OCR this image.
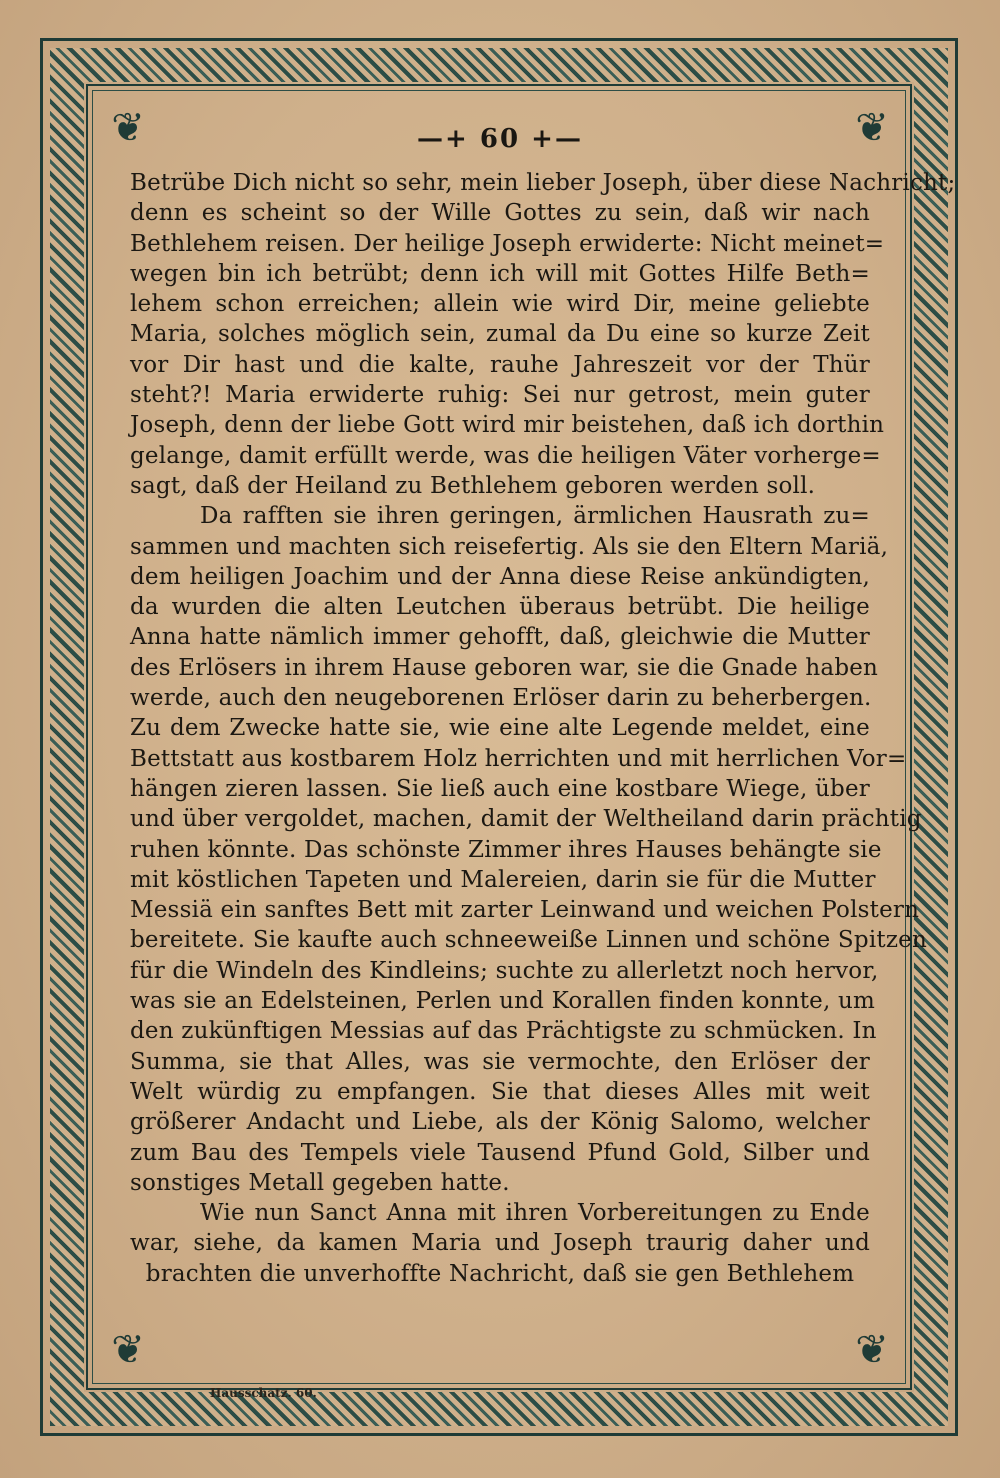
❦	❦
❦	❦
—+ 60 +—
Betrübe Dich nicht so sehr, mein lieber Joseph, über diese Nachricht;
denn es scheint so der Wille Gottes zu sein, daß wir nach
Bethlehem reisen. Der heilige Joseph erwiderte: Nicht meinet=
wegen bin ich betrübt; denn ich will mit Gottes Hilfe Beth=
lehem schon erreichen; allein wie wird Dir, meine geliebte
Maria, solches möglich sein, zumal da Du eine so kurze Zeit
vor Dir hast und die kalte, rauhe Jahreszeit vor der Thür
steht?! Maria erwiderte ruhig: Sei nur getrost, mein guter
Joseph, denn der liebe Gott wird mir beistehen, daß ich dorthin
gelange, damit erfüllt werde, was die heiligen Väter vorherge=
sagt, daß der Heiland zu Bethlehem geboren werden soll.
Da rafften sie ihren geringen, ärmlichen Hausrath zu=
sammen und machten sich reisefertig. Als sie den Eltern Mariä,
dem heiligen Joachim und der Anna diese Reise ankündigten,
da wurden die alten Leutchen überaus betrübt. Die heilige
Anna hatte nämlich immer gehofft, daß, gleichwie die Mutter
des Erlösers in ihrem Hause geboren war, sie die Gnade haben
werde, auch den neugeborenen Erlöser darin zu beherbergen.
Zu dem Zwecke hatte sie, wie eine alte Legende meldet, eine
Bettstatt aus kostbarem Holz herrichten und mit herrlichen Vor=
hängen zieren lassen. Sie ließ auch eine kostbare Wiege, über
und über vergoldet, machen, damit der Weltheiland darin prächtig
ruhen könnte. Das schönste Zimmer ihres Hauses behängte sie
mit köstlichen Tapeten und Malereien, darin sie für die Mutter
Messiä ein sanftes Bett mit zarter Leinwand und weichen Polstern
bereitete. Sie kaufte auch schneeweiße Linnen und schöne Spitzen
für die Windeln des Kindleins; suchte zu allerletzt noch hervor,
was sie an Edelsteinen, Perlen und Korallen finden konnte, um
den zukünftigen Messias auf das Prächtigste zu schmücken. In
Summa, sie that Alles, was sie vermochte, den Erlöser der
Welt würdig zu empfangen. Sie that dieses Alles mit weit
größerer Andacht und Liebe, als der König Salomo, welcher
zum Bau des Tempels viele Tausend Pfund Gold, Silber und
sonstiges Metall gegeben hatte.
Wie nun Sanct Anna mit ihren Vorbereitungen zu Ende
war, siehe, da kamen Maria und Joseph traurig daher und
brachten die unverhoffte Nachricht, daß sie gen Bethlehem
Hausschatz. 60.
